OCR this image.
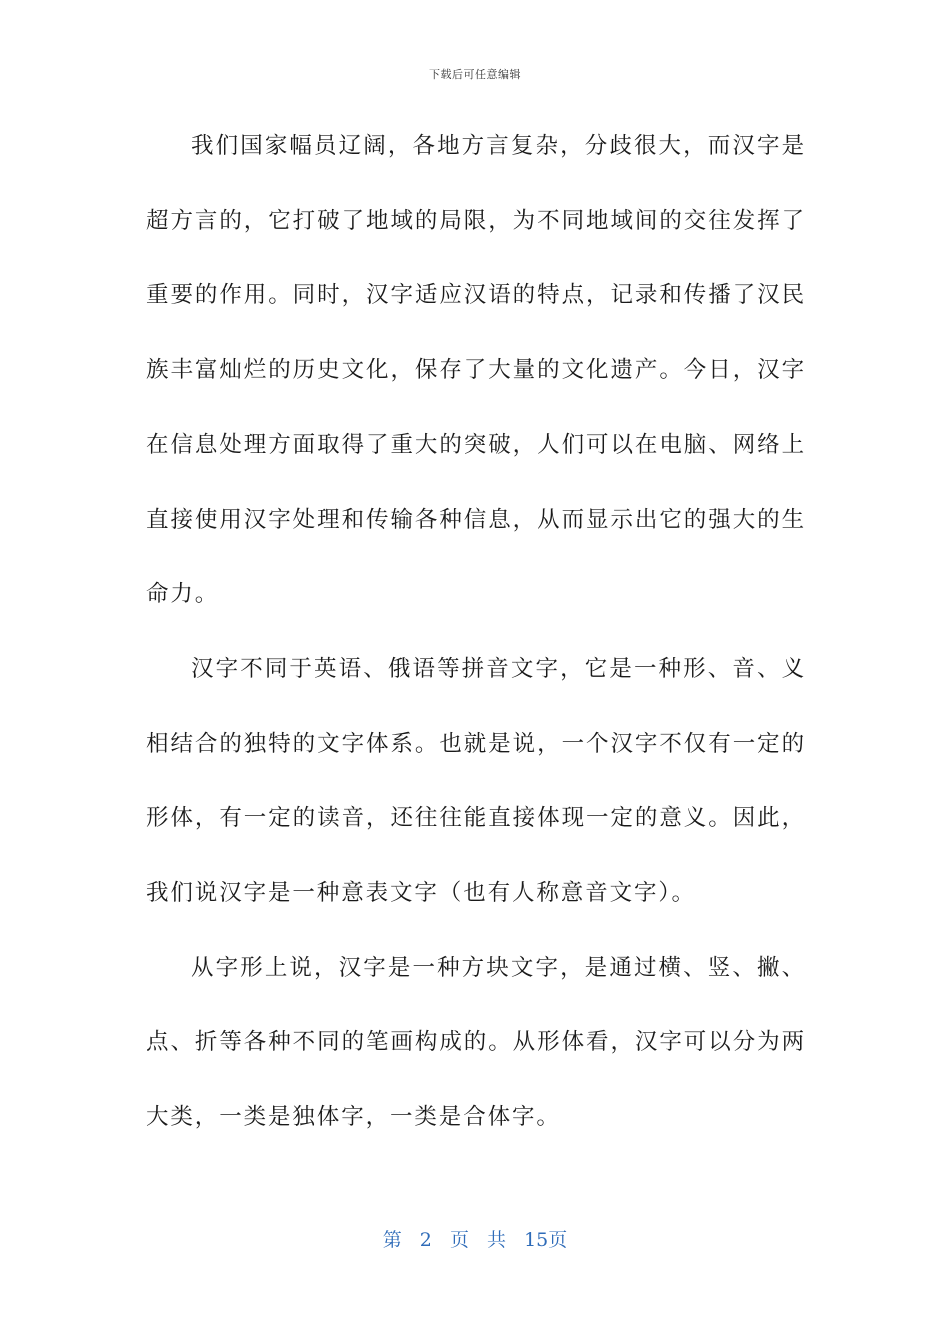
下载后可任意编辑

我们国家幅员辽阔，各地方言复杂，分歧很大，而汉字是超方言的，它打破了地域的局限，为不同地域间的交往发挥了重要的作用。同时，汉字适应汉语的特点，记录和传播了汉民族丰富灿烂的历史文化，保存了大量的文化遗产。今日，汉字在信息处理方面取得了重大的突破，人们可以在电脑、网络上直接使用汉字处理和传输各种信息，从而显示出它的强大的生命力。

汉字不同于英语、俄语等拼音文字，它是一种形、音、义相结合的独特的文字体系。也就是说，一个汉字不仅有一定的形体，有一定的读音，还往往能直接体现一定的意义。因此，我们说汉字是一种意表文字（也有人称意音文字）。

从字形上说，汉字是一种方块文字，是通过横、竖、撇、点、折等各种不同的笔画构成的。从形体看，汉字可以分为两大类，一类是独体字，一类是合体字。

第 2 页 共 15页
